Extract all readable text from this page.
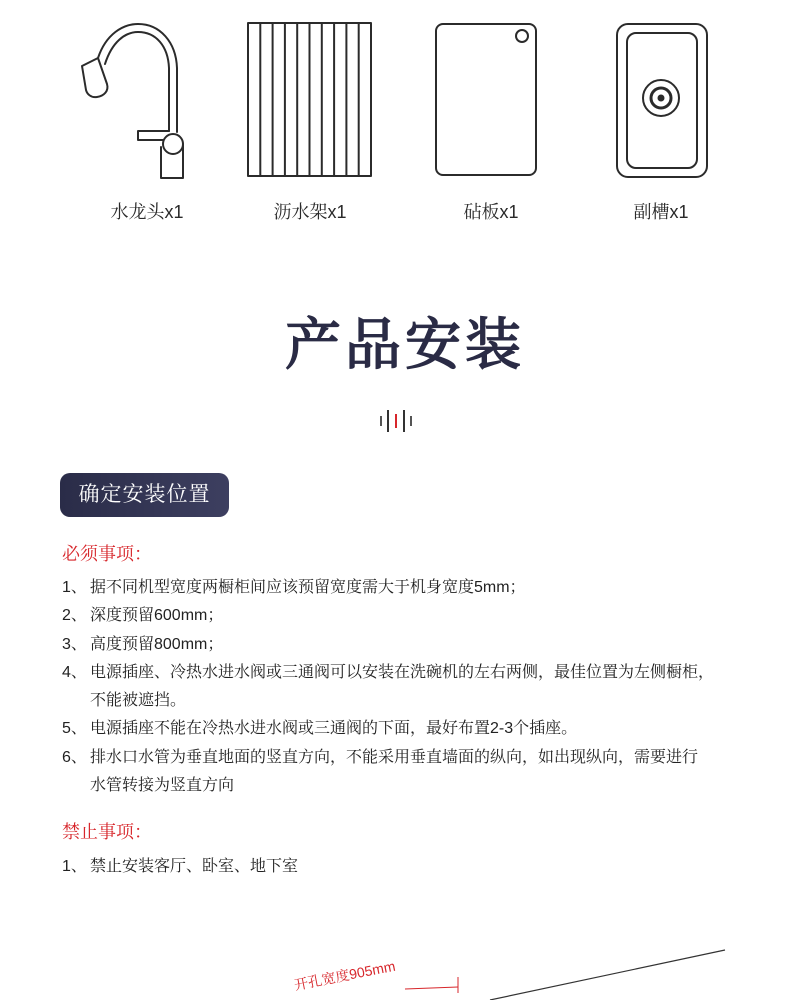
水龙头x1	沥水架x1	砧板x1	副槽x1
产品安装
确定安装位置
必须事项：
1、 据不同机型宽度两橱柜间应该预留宽度需大于机身宽度5mm；
2、 深度预留600mm；
3、 高度预留800mm；
4、 电源插座、冷热水进水阀或三通阀可以安装在洗碗机的左右两侧，最佳位置为左侧橱柜，
不能被遮挡。
5、 电源插座不能在冷热水进水阀或三通阀的下面，最好布置2-3个插座。
6、 排水口水管为垂直地面的竖直方向，不能采用垂直墙面的纵向，如出现纵向，需要进行
水管转接为竖直方向
禁止事项：
1、 禁止安装客厅、卧室、地下室
开孔宽度905mm
